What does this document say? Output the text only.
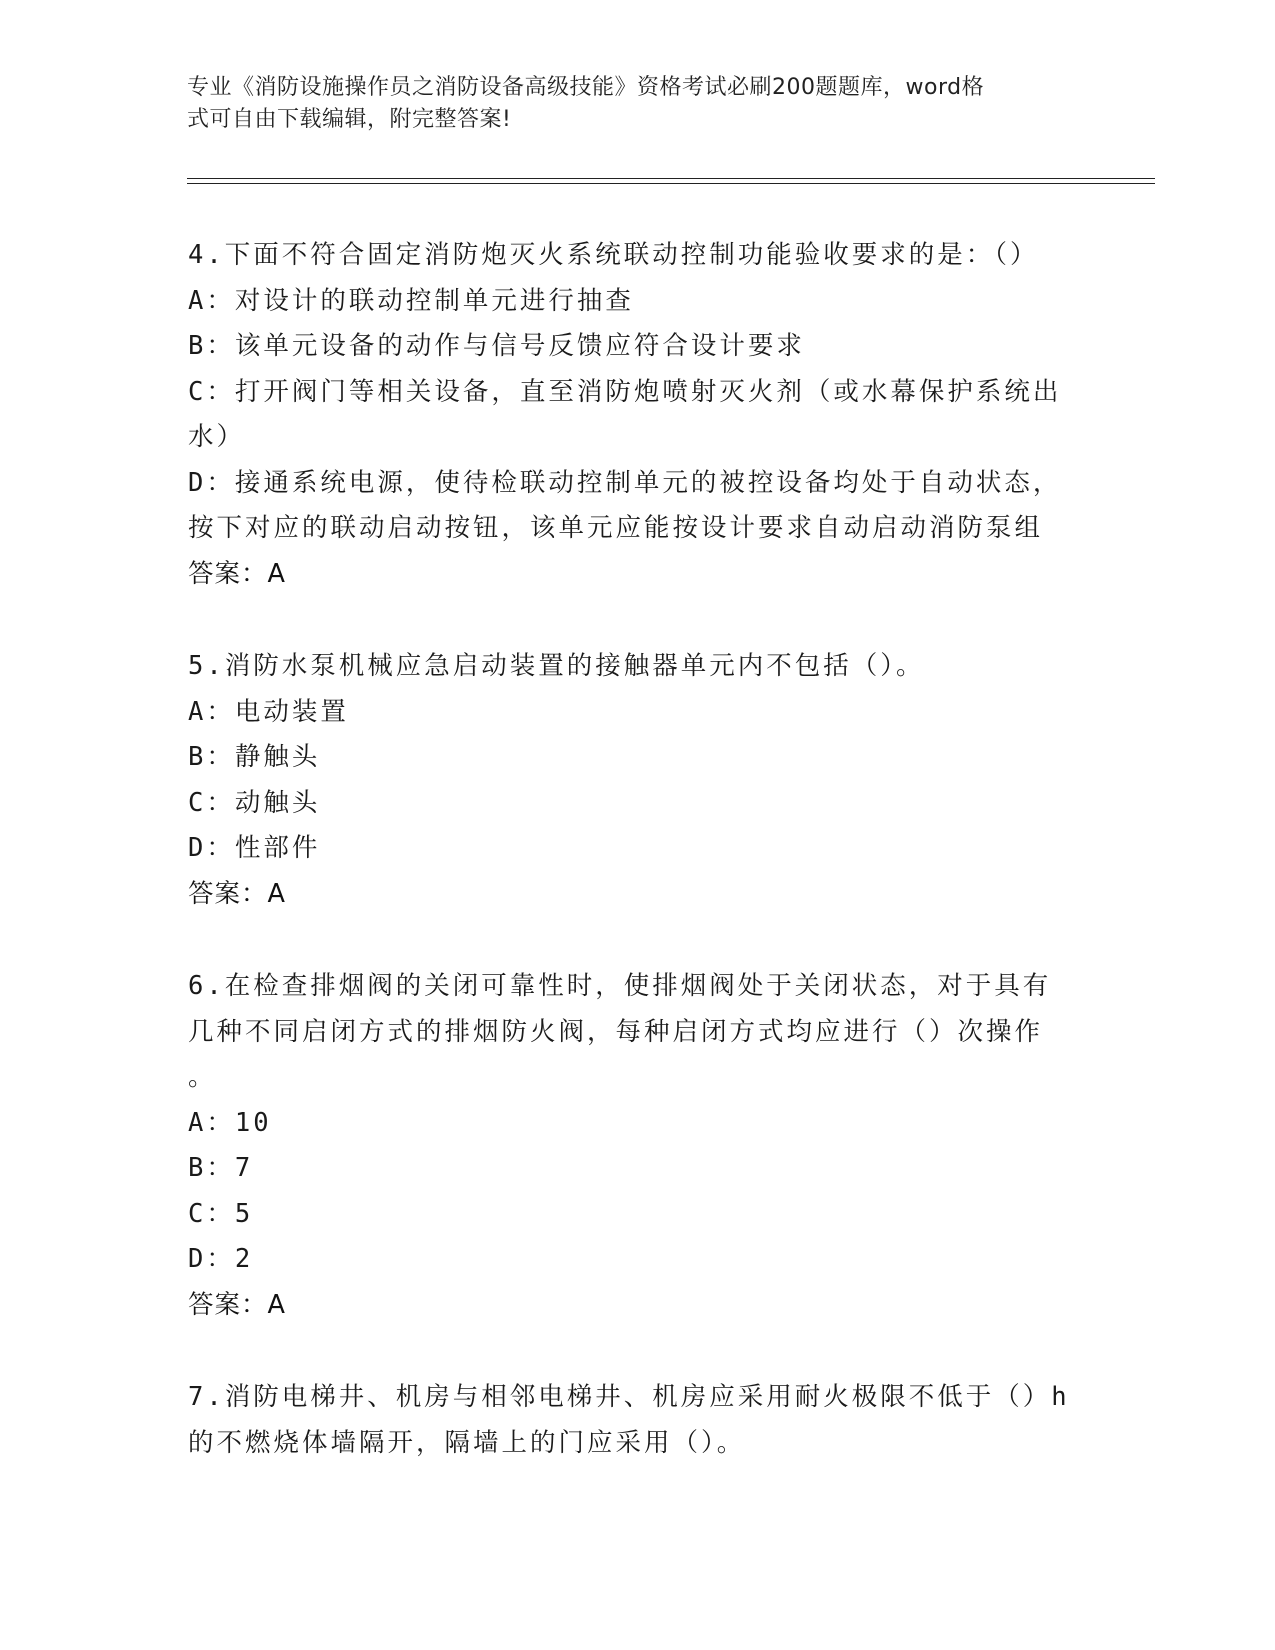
专业《消防设施操作员之消防设备高级技能》资格考试必刷200题题库，word格
式可自由下载编辑，附完整答案!
4.下面不符合固定消防炮灭火系统联动控制功能验收要求的是：（）
A：对设计的联动控制单元进行抽查
B：该单元设备的动作与信号反馈应符合设计要求
C：打开阀门等相关设备，直至消防炮喷射灭火剂（或水幕保护系统出
水）
D：接通系统电源，使待检联动控制单元的被控设备均处于自动状态，
按下对应的联动启动按钮，该单元应能按设计要求自动启动消防泵组
答案：A
5.消防水泵机械应急启动装置的接触器单元内不包括（）。
A：电动装置
B：静触头
C：动触头
D：性部件
答案：A
6.在检查排烟阀的关闭可靠性时，使排烟阀处于关闭状态，对于具有
几种不同启闭方式的排烟防火阀，每种启闭方式均应进行（）次操作
。
A：10
B：7
C：5
D：2
答案：A
7.消防电梯井、机房与相邻电梯井、机房应采用耐火极限不低于（）h
的不燃烧体墙隔开，隔墙上的门应采用（）。
